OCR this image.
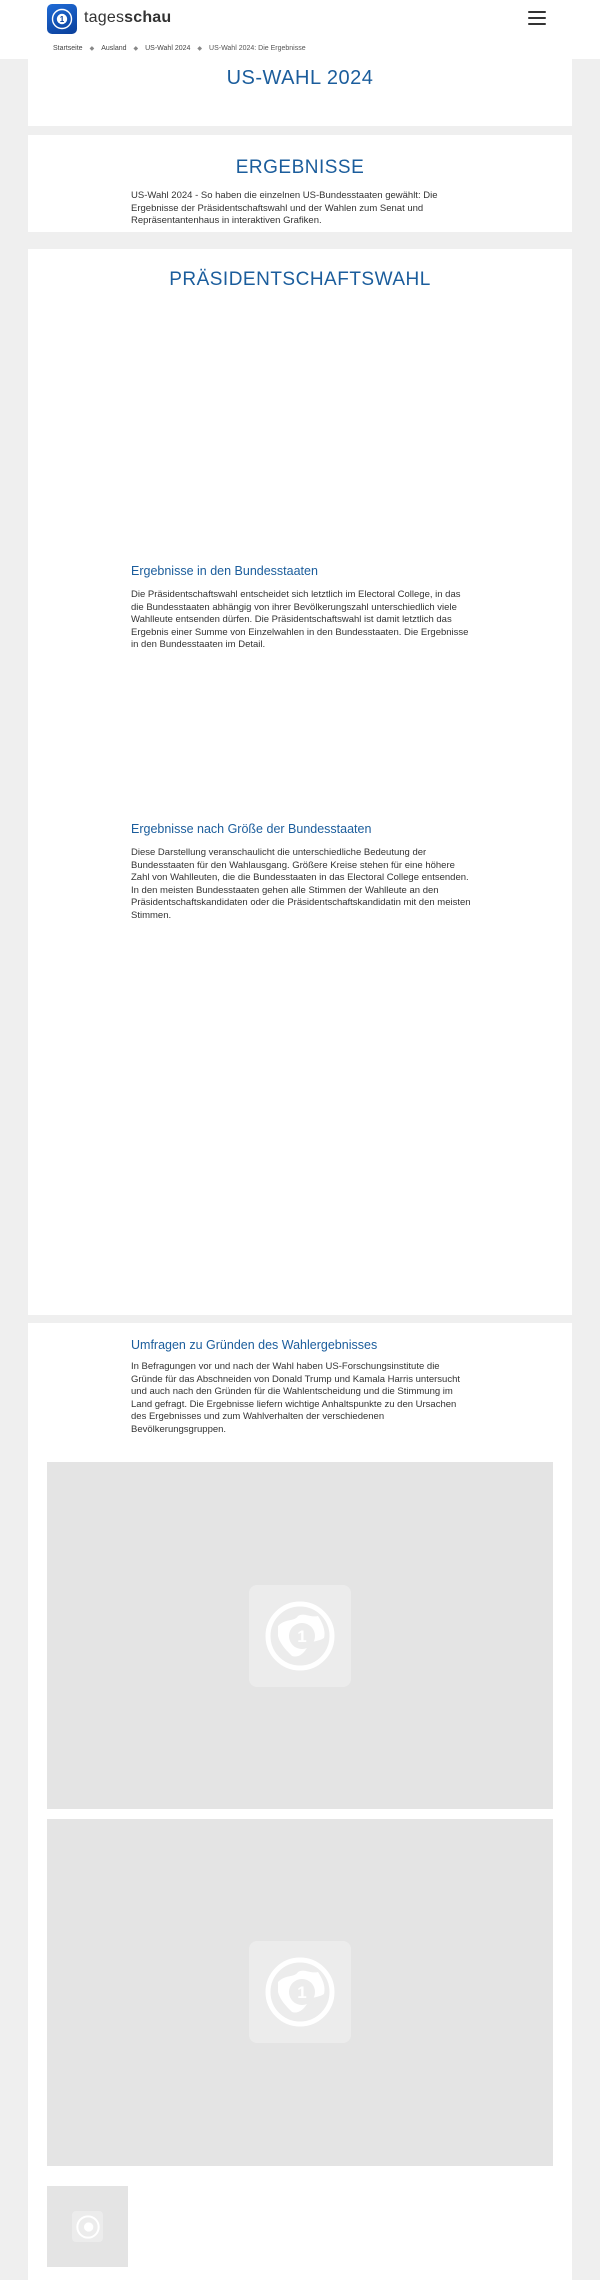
1 tagesschau
Startseite ◆ Ausland ◆ US-Wahl 2024 ◆ US-Wahl 2024: Die Ergebnisse
US-WAHL 2024
ERGEBNISSE
US-Wahl 2024 - So haben die einzelnen US-Bundesstaaten gewählt: Die Ergebnisse der Präsidentschaftswahl und der Wahlen zum Senat und Repräsentantenhaus in interaktiven Grafiken.
PRÄSIDENTSCHAFTSWAHL
Ergebnisse in den Bundesstaaten
Die Präsidentschaftswahl entscheidet sich letztlich im Electoral College, in das die Bundesstaaten abhängig von ihrer Bevölkerungszahl unterschiedlich viele Wahlleute entsenden dürfen. Die Präsidentschaftswahl ist damit letztlich das Ergebnis einer Summe von Einzelwahlen in den Bundesstaaten. Die Ergebnisse in den Bundesstaaten im Detail.
Ergebnisse nach Größe der Bundesstaaten
Diese Darstellung veranschaulicht die unterschiedliche Bedeutung der Bundesstaaten für den Wahlausgang. Größere Kreise stehen für eine höhere Zahl von Wahlleuten, die die Bundesstaaten in das Electoral College entsenden. In den meisten Bundesstaaten gehen alle Stimmen der Wahlleute an den Präsidentschaftskandidaten oder die Präsidentschaftskandidatin mit den meisten Stimmen.
Umfragen zu Gründen des Wahlergebnisses
In Befragungen vor und nach der Wahl haben US-Forschungsinstitute die Gründe für das Abschneiden von Donald Trump und Kamala Harris untersucht und auch nach den Gründen für die Wahlentscheidung und die Stimmung im Land gefragt. Die Ergebnisse liefern wichtige Anhaltspunkte zu den Ursachen des Ergebnisses und zum Wahlverhalten der verschiedenen Bevölkerungsgruppen.
1
1
